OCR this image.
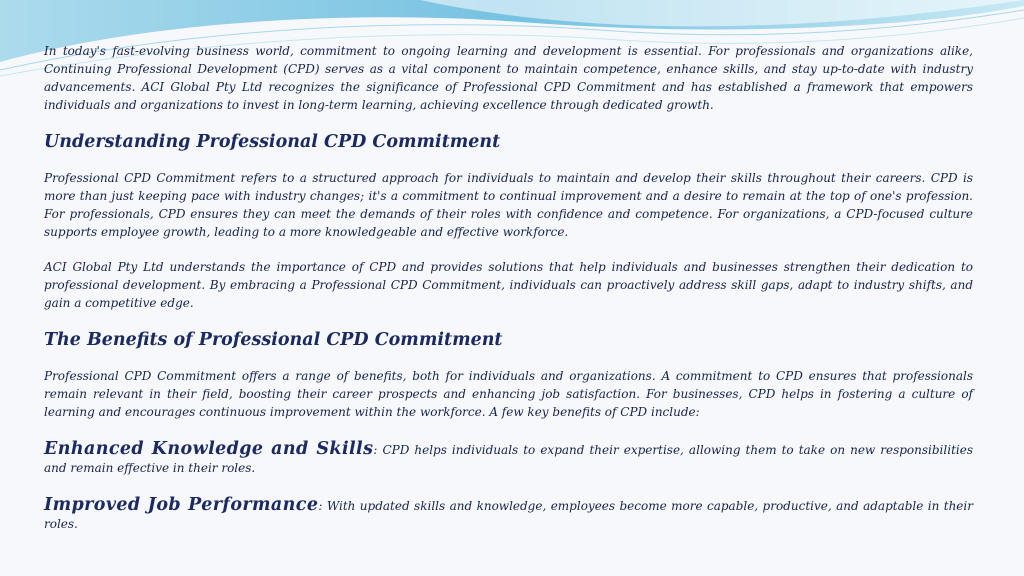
In today's fast-evolving business world, commitment to ongoing learning and development is essential. For professionals and organizations alike, Continuing Professional Development (CPD) serves as a vital component to maintain competence, enhance skills, and stay up-to-date with industry advancements. ACI Global Pty Ltd recognizes the significance of Professional CPD Commitment and has established a framework that empowers individuals and organizations to invest in long-term learning, achieving excellence through dedicated growth.

Understanding Professional CPD Commitment

Professional CPD Commitment refers to a structured approach for individuals to maintain and develop their skills throughout their careers. CPD is more than just keeping pace with industry changes; it's a commitment to continual improvement and a desire to remain at the top of one's profession. For professionals, CPD ensures they can meet the demands of their roles with confidence and competence. For organizations, a CPD-focused culture supports employee growth, leading to a more knowledgeable and effective workforce.

ACI Global Pty Ltd understands the importance of CPD and provides solutions that help individuals and businesses strengthen their dedication to professional development. By embracing a Professional CPD Commitment, individuals can proactively address skill gaps, adapt to industry shifts, and gain a competitive edge.

The Benefits of Professional CPD Commitment

Professional CPD Commitment offers a range of benefits, both for individuals and organizations. A commitment to CPD ensures that professionals remain relevant in their field, boosting their career prospects and enhancing job satisfaction. For businesses, CPD helps in fostering a culture of learning and encourages continuous improvement within the workforce. A few key benefits of CPD include:

Enhanced Knowledge and Skills: CPD helps individuals to expand their expertise, allowing them to take on new responsibilities and remain effective in their roles.

Improved Job Performance: With updated skills and knowledge, employees become more capable, productive, and adaptable in their roles.
